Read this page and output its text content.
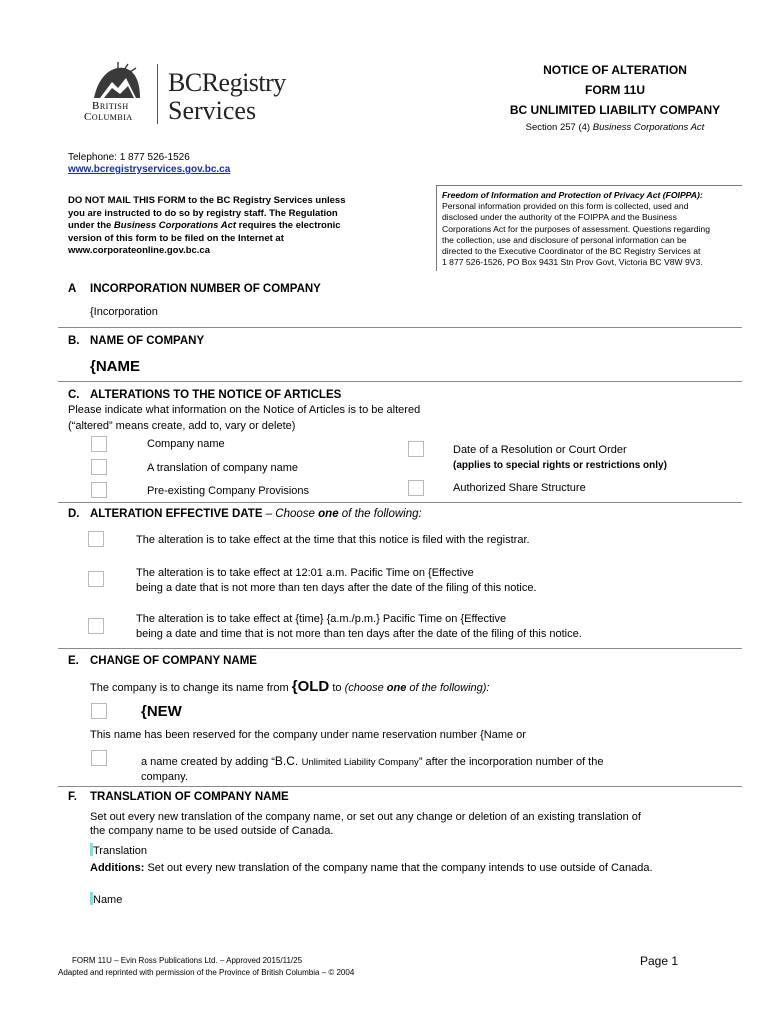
British
Columbia
BCRegistry
Services
NOTICE OF ALTERATION
FORM 11U
BC UNLIMITED LIABILITY COMPANY
Section 257 (4) Business Corporations Act
Telephone: 1 877 526-1526
www.bcregistryservices.gov.bc.ca
DO NOT MAIL THIS FORM to the BC Registry Services unless
you are instructed to do so by registry staff. The Regulation
under the Business Corporations Act requires the electronic
version of this form to be filed on the Internet at
www.corporateonline.gov.bc.ca
Freedom of Information and Protection of Privacy Act (FOIPPA):
Personal information provided on this form is collected, used and
disclosed under the authority of the FOIPPA and the Business
Corporations Act for the purposes of assessment. Questions regarding
the collection, use and disclosure of personal information can be
directed to the Executive Coordinator of the BC Registry Services at
1 877 526-1526, PO Box 9431 Stn Prov Govt, Victoria BC V8W 9V3.
A INCORPORATION NUMBER OF COMPANY
{Incorporation
B. NAME OF COMPANY
{NAME
C. ALTERATIONS TO THE NOTICE OF ARTICLES
Please indicate what information on the Notice of Articles is to be altered
(“altered” means create, add to, vary or delete)
Company name
A translation of company name
Pre-existing Company Provisions
Date of a Resolution or Court Order
(applies to special rights or restrictions only)
Authorized Share Structure
D. ALTERATION EFFECTIVE DATE – Choose one of the following:
The alteration is to take effect at the time that this notice is filed with the registrar.
The alteration is to take effect at 12:01 a.m. Pacific Time on {Effective
being a date that is not more than ten days after the date of the filing of this notice.
The alteration is to take effect at {time} {a.m./p.m.} Pacific Time on {Effective
being a date and time that is not more than ten days after the date of the filing of this notice.
E. CHANGE OF COMPANY NAME
The company is to change its name from {OLD to (choose one of the following):
{NEW
This name has been reserved for the company under name reservation number {Name or
a name created by adding “B.C. Unlimited Liability Company” after the incorporation number of the
company.
F. TRANSLATION OF COMPANY NAME
Set out every new translation of the company name, or set out any change or deletion of an existing translation of
the company name to be used outside of Canada.
Translation
Additions: Set out every new translation of the company name that the company intends to use outside of Canada.
Name
FORM 11U – Evin Ross Publications Ltd. – Approved 2015/11/25
Adapted and reprinted with permission of the Province of British Columbia – © 2004
Page 1
